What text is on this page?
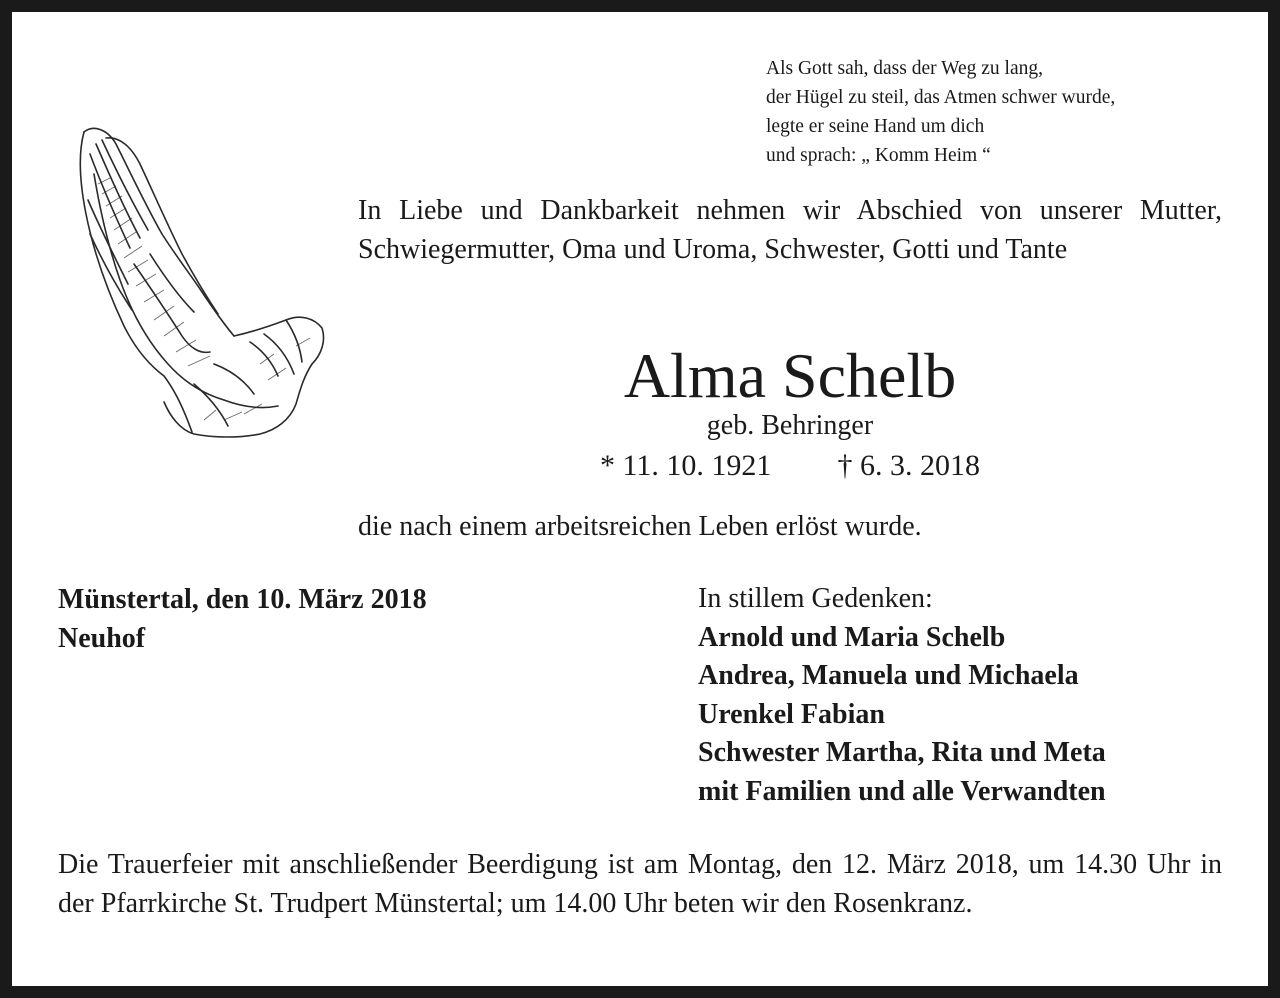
Als Gott sah, dass der Weg zu lang,
der Hügel zu steil, das Atmen schwer wurde,
legte er seine Hand um dich
und sprach: „ Komm Heim “
In Liebe und Dankbarkeit nehmen wir Abschied von unserer Mutter, Schwiegermutter, Oma und Uroma, Schwester, Gotti und Tante
Alma Schelb
geb. Behringer
* 11. 10. 1921 † 6. 3. 2018
die nach einem arbeitsreichen Leben erlöst wurde.
Münstertal, den 10. März 2018
Neuhof
In stillem Gedenken:
Arnold und Maria Schelb
Andrea, Manuela und Michaela
Urenkel Fabian
Schwester Martha, Rita und Meta
mit Familien und alle Verwandten
Die Trauerfeier mit anschließender Beerdigung ist am Montag, den 12. März 2018, um 14.30 Uhr in der Pfarrkirche St. Trudpert Münstertal; um 14.00 Uhr beten wir den Rosenkranz.
